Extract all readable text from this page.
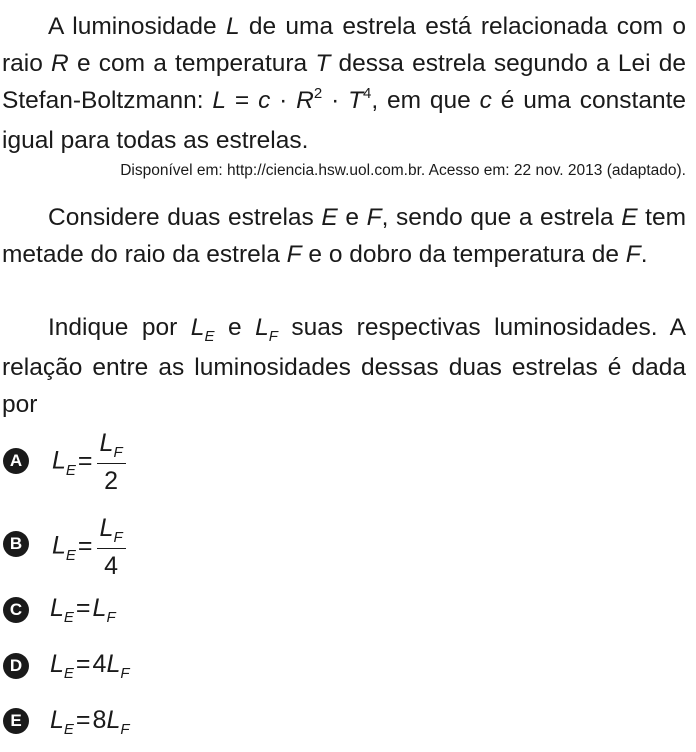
A luminosidade L de uma estrela está relacionada com o raio R e com a temperatura T dessa estrela segundo a Lei de Stefan-Boltzmann: $L = c \cdot R^2 \cdot T^4$, em que c é uma constante igual para todas as estrelas.

Disponível em: http://ciencia.hsw.uol.com.br. Acesso em: 22 nov. 2013 (adaptado).

Considere duas estrelas E e F, sendo que a estrela E tem metade do raio da estrela F e o dobro da temperatura de F.

Indique por $L_E$ e $L_F$ suas respectivas luminosidades. A relação entre as luminosidades dessas duas estrelas é dada por

A $L_E= \frac{L_F}{2}$
B $L_E= \frac{L_F}{4}$
C $L_E=L_F$
D $L_E=4L_F$
E $L_E=8L_F$
